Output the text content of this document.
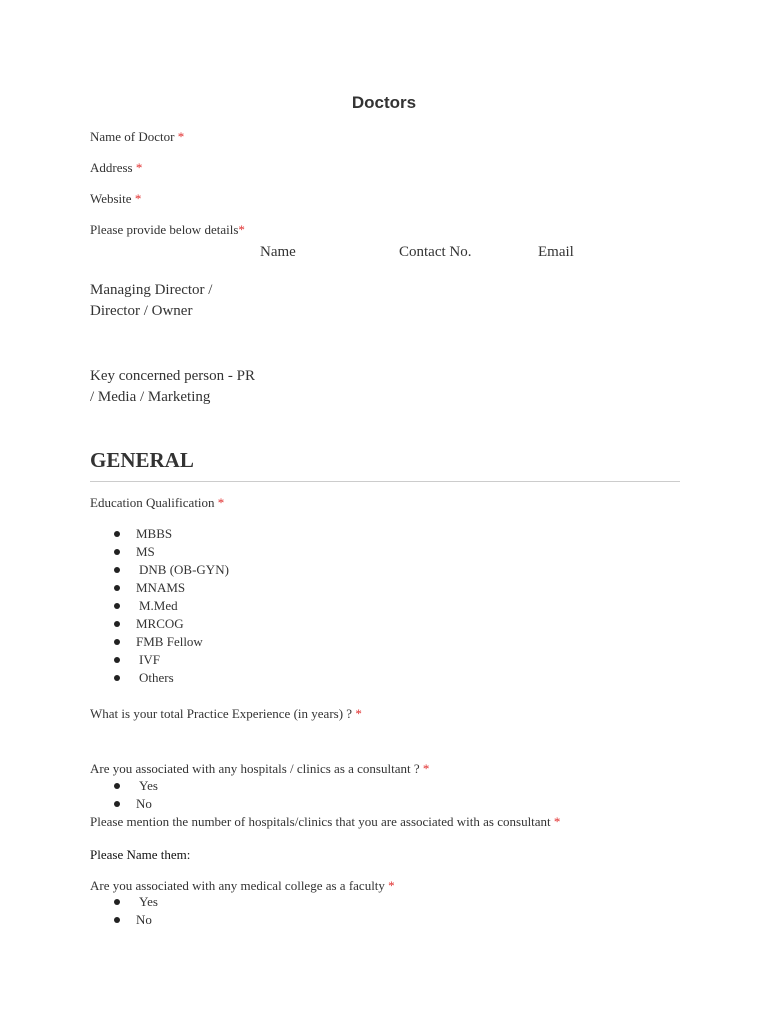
Doctors
Name of Doctor *
Address *
Website *
Please provide below details*
Name	Contact No.	Email
Managing Director /
Director / Owner
Key concerned person - PR
/ Media / Marketing
GENERAL
Education Qualification *
MBBS
MS
DNB (OB-GYN)
MNAMS
M.Med
MRCOG
FMB Fellow
IVF
Others
What is your total Practice Experience (in years) ? *
Are you associated with any hospitals / clinics as a consultant ? *
Yes
No
Please mention the number of hospitals/clinics that you are associated with as consultant *
Please Name them:
Are you associated with any medical college as a faculty *
Yes
No
